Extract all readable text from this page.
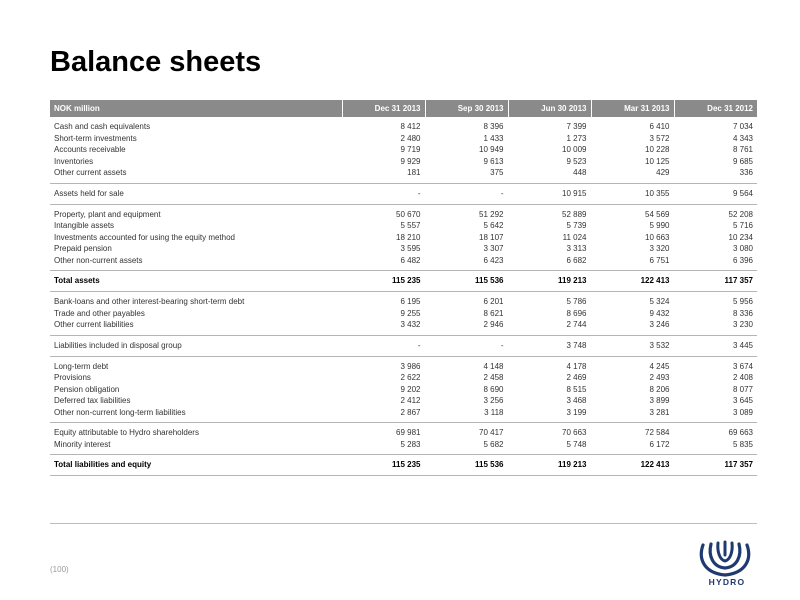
Balance sheets
NOK million	Dec 31 2013	Sep 30 2013	Jun 30 2013	Mar 31 2013	Dec 31 2012
Cash and cash equivalents	8 412	8 396	7 399	6 410	7 034
Short-term investments	2 480	1 433	1 273	3 572	4 343
Accounts receivable	9 719	10 949	10 009	10 228	8 761
Inventories	9 929	9 613	9 523	10 125	9 685
Other current assets	181	375	448	429	336
Assets held for sale	-	-	10 915	10 355	9 564
Property, plant and equipment	50 670	51 292	52 889	54 569	52 208
Intangible assets	5 557	5 642	5 739	5 990	5 716
Investments accounted for using the equity method	18 210	18 107	11 024	10 663	10 234
Prepaid pension	3 595	3 307	3 313	3 320	3 080
Other non-current assets	6 482	6 423	6 682	6 751	6 396
Total assets	115 235	115 536	119 213	122 413	117 357
Bank-loans and other interest-bearing short-term debt	6 195	6 201	5 786	5 324	5 956
Trade and other payables	9 255	8 621	8 696	9 432	8 336
Other current liabilities	3 432	2 946	2 744	3 246	3 230
Liabilities included in disposal group	-	-	3 748	3 532	3 445
Long-term debt	3 986	4 148	4 178	4 245	3 674
Provisions	2 622	2 458	2 469	2 493	2 408
Pension obligation	9 202	8 690	8 515	8 206	8 077
Deferred tax liabilities	2 412	3 256	3 468	3 899	3 645
Other non-current long-term liabilities	2 867	3 118	3 199	3 281	3 089
Equity attributable to Hydro shareholders	69 981	70 417	70 663	72 584	69 663
Minority interest	5 283	5 682	5 748	6 172	5 835
Total liabilities and equity	115 235	115 536	119 213	122 413	117 357
(100)
HYDRO
